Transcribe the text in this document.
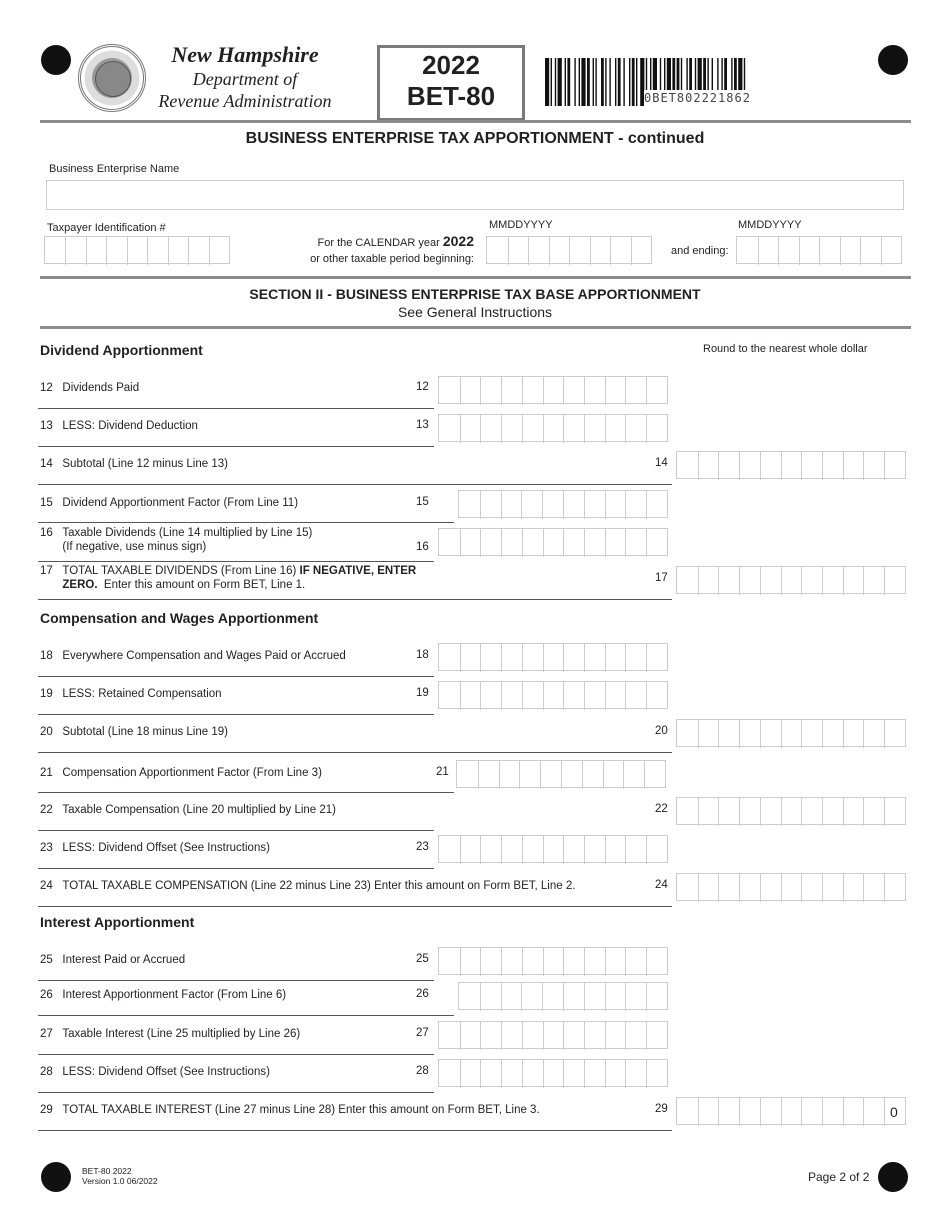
New Hampshire
Department of
Revenue Administration
2022
BET-80	0BET802221862
BUSINESS ENTERPRISE TAX APPORTIONMENT - continued
Business Enterprise Name
Taxpayer Identification #	MMDDYYYY	MMDDYYYY
For the CALENDAR year 2022
or other taxable period beginning:
and ending:
SECTION II - BUSINESS ENTERPRISE TAX BASE APPORTIONMENT
See General Instructions
Dividend Apportionment	Round to the nearest whole dollar
12 Dividends Paid	12
13 LESS: Dividend Deduction	13
14 Subtotal (Line 12 minus Line 13)	14
15 Dividend Apportionment Factor (From Line 11)	15
16 Taxable Dividends (Line 14 multiplied by Line 15)
(If negative, use minus sign)	16
17 TOTAL TAXABLE DIVIDENDS (From Line 16) IF NEGATIVE, ENTER
ZERO. Enter this amount on Form BET, Line 1.
17
Compensation and Wages Apportionment
18 Everywhere Compensation and Wages Paid or Accrued	18
19 LESS: Retained Compensation	19
20 Subtotal (Line 18 minus Line 19)	20
21 Compensation Apportionment Factor (From Line 3)	21
22 Taxable Compensation (Line 20 multiplied by Line 21)	22
23 LESS: Dividend Offset (See Instructions)	23
24 TOTAL TAXABLE COMPENSATION (Line 22 minus Line 23) Enter this amount on Form BET, Line 2.	24
Interest Apportionment
25 Interest Paid or Accrued	25
26 Interest Apportionment Factor (From Line 6)	26
27 Taxable Interest (Line 25 multiplied by Line 26)	27
28 LESS: Dividend Offset (See Instructions)	28
29 TOTAL TAXABLE INTEREST (Line 27 minus Line 28) Enter this amount on Form BET, Line 3.	29	0
BET-80 2022
Version 1.0 06/2022	Page 2 of 2
